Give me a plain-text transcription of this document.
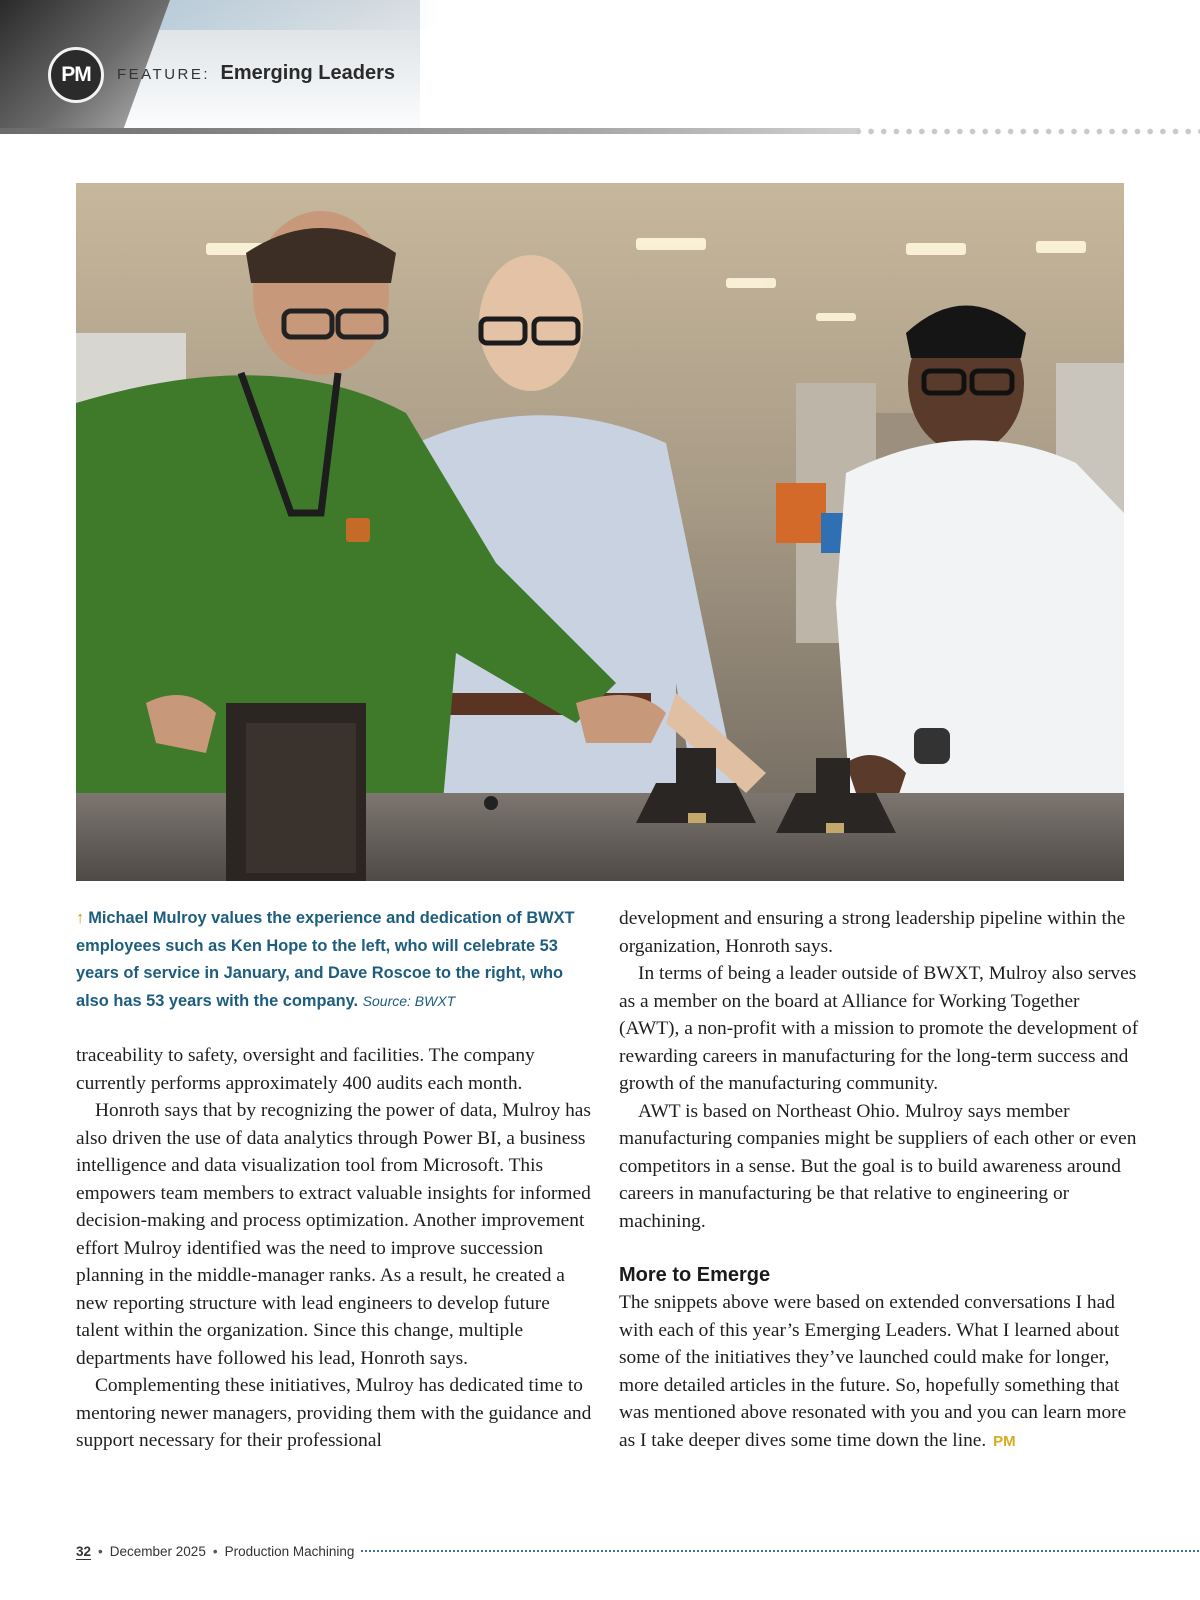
PM	FEATURE: Emerging Leaders
↑ Michael Mulroy values the experience and dedication of BWXT employees such as Ken Hope to the left, who will celebrate 53 years of service in January, and Dave Roscoe to the right, who also has 53 years with the company. Source: BWXT

traceability to safety, oversight and facilities. The company currently performs approximately 400 audits each month.

Honroth says that by recognizing the power of data, Mulroy has also driven the use of data analytics through Power BI, a business intelligence and data visualization tool from Microsoft. This empowers team members to extract valuable insights for informed decision-making and process optimization. Another improvement effort Mulroy identified was the need to improve succession planning in the middle-manager ranks. As a result, he created a new reporting structure with lead engineers to develop future talent within the organization. Since this change, multiple departments have followed his lead, Honroth says.

Complementing these initiatives, Mulroy has dedicated time to mentoring newer managers, providing them with the guidance and support necessary for their professional

development and ensuring a strong leadership pipeline within the organization, Honroth says.

In terms of being a leader outside of BWXT, Mulroy also serves as a member on the board at Alliance for Working Together (AWT), a non-profit with a mission to promote the development of rewarding careers in manufacturing for the long-term success and growth of the manufacturing community.

AWT is based on Northeast Ohio. Mulroy says member manufacturing companies might be suppliers of each other or even competitors in a sense. But the goal is to build awareness around careers in manufacturing be that relative to engineering or machining.

More to Emerge

The snippets above were based on extended conversations I had with each of this year’s Emerging Leaders. What I learned about some of the initiatives they’ve launched could make for longer, more detailed articles in the future. So, hopefully something that was mentioned above resonated with you and you can learn more as I take deeper dives some time down the line. PM

32 • December 2025 • Production Machining
